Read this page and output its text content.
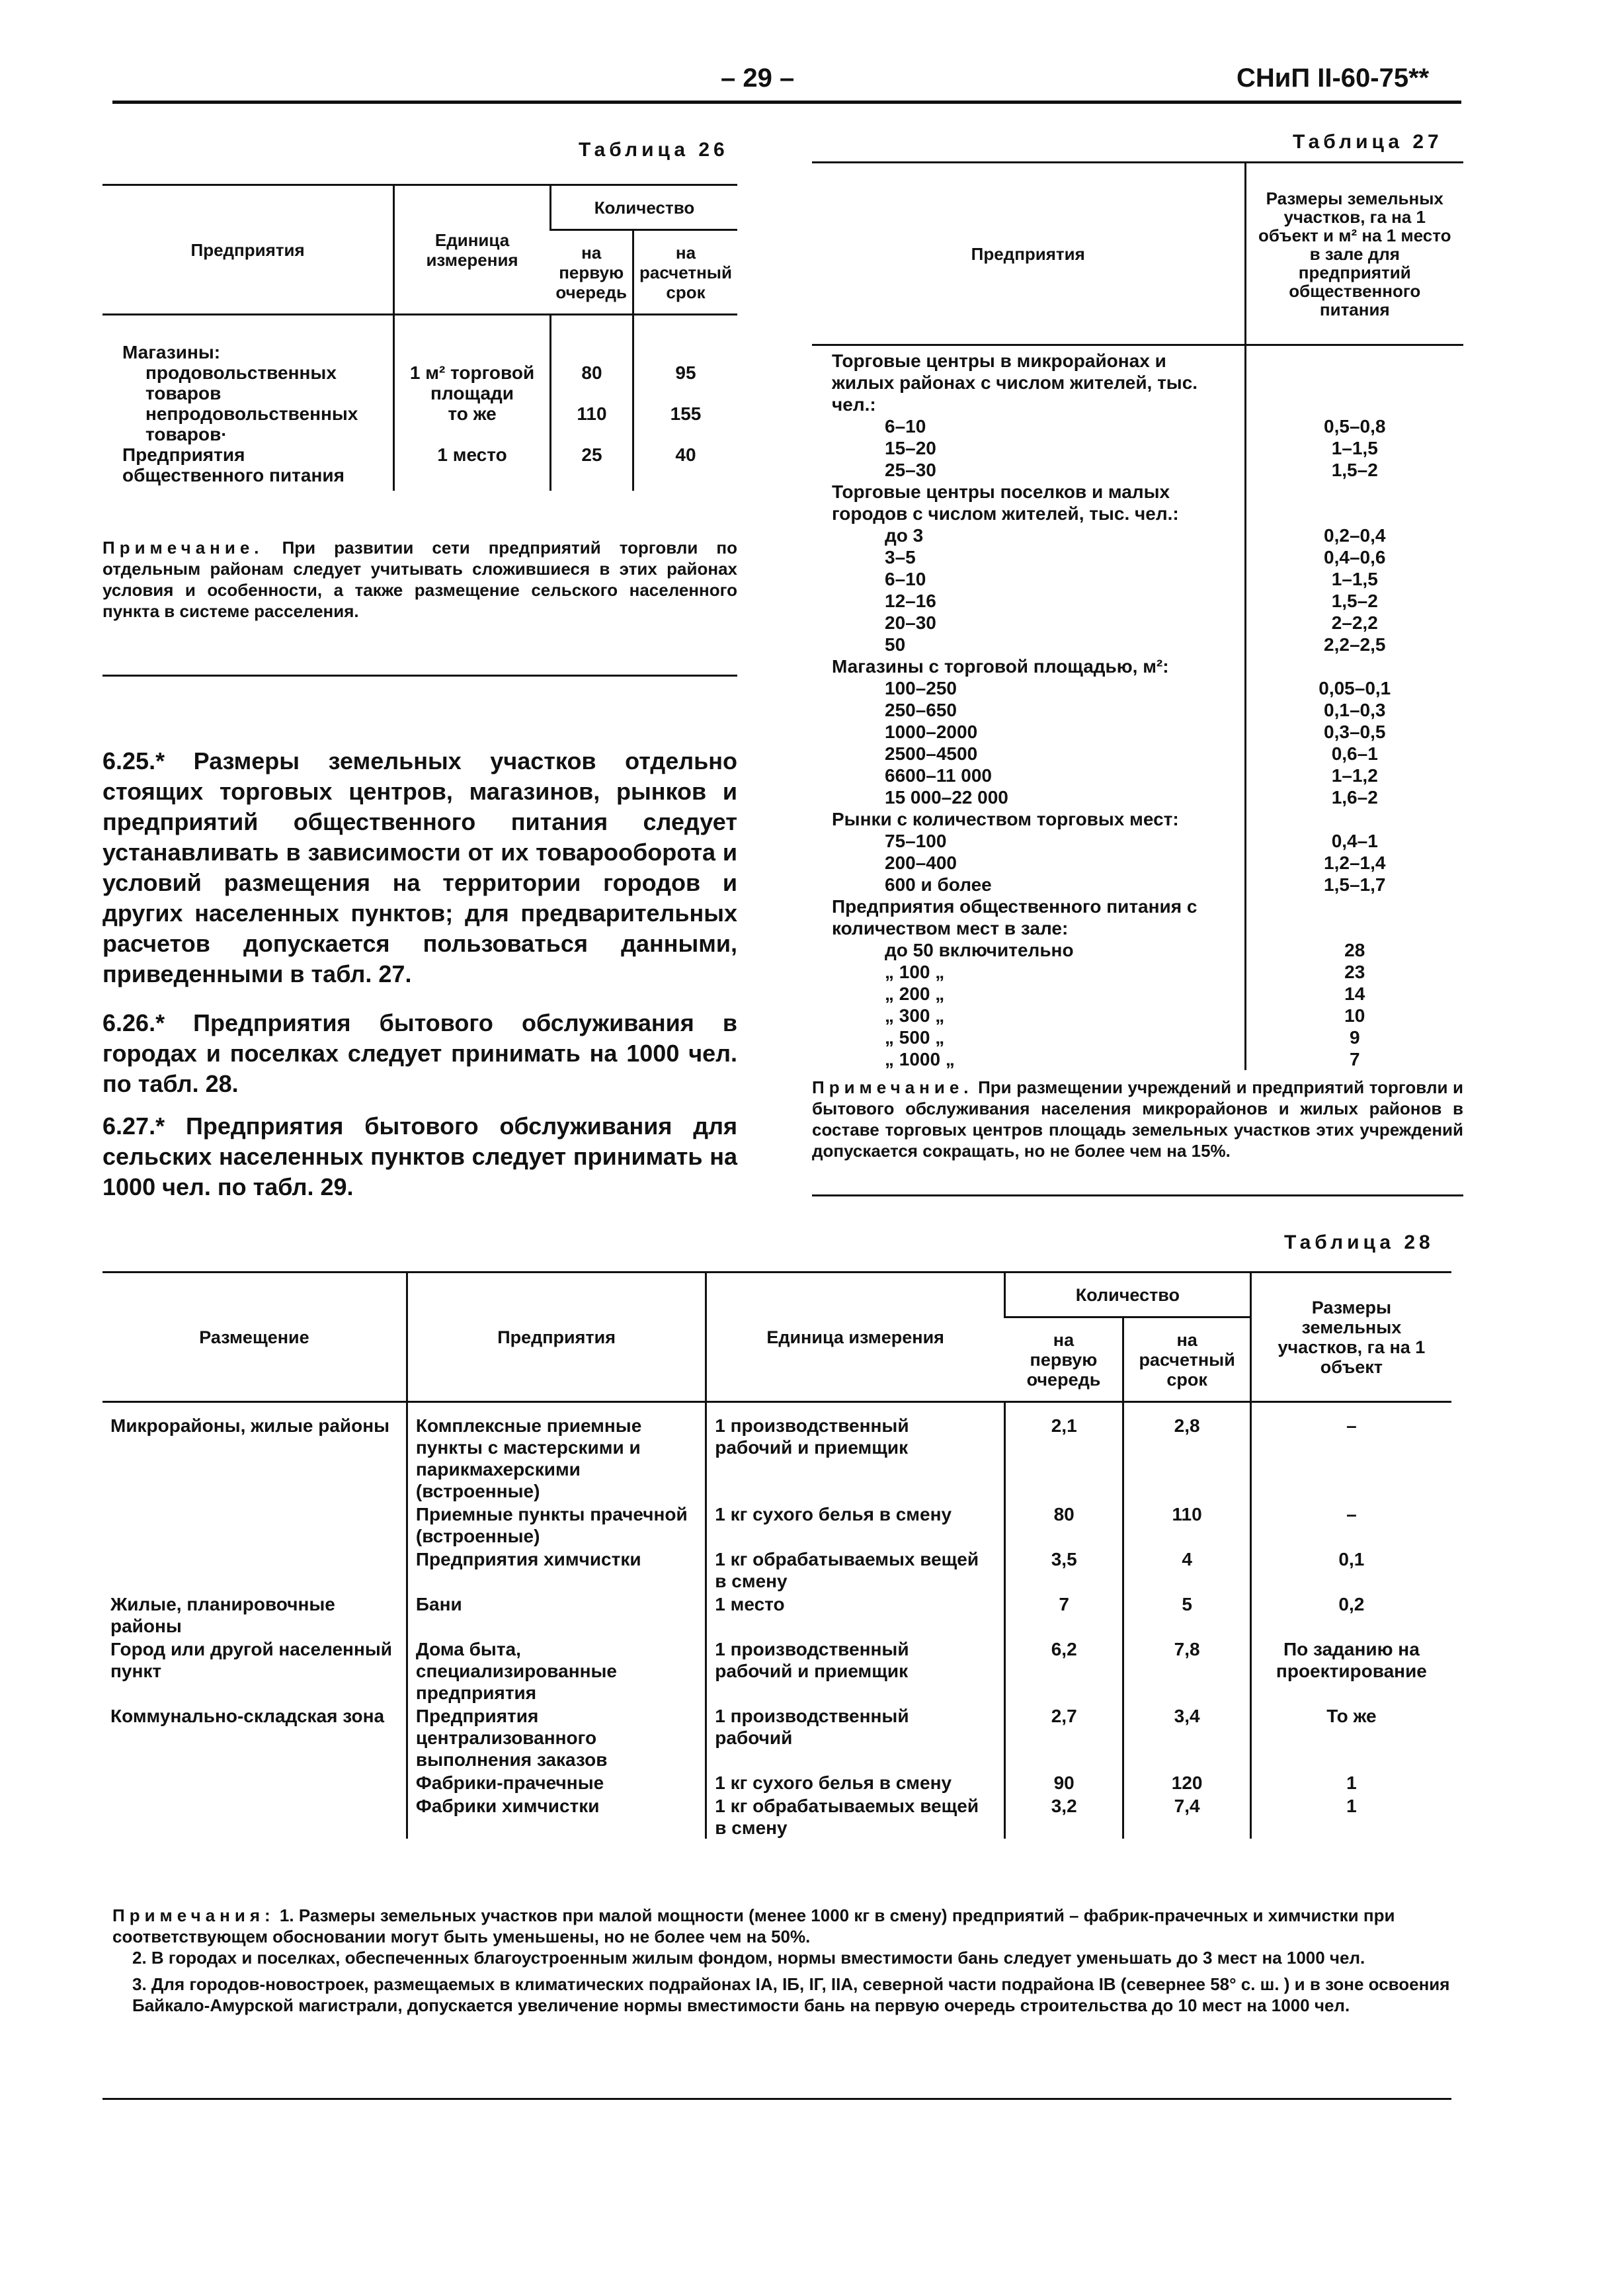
– 29 –	СНиП II-60-75**
Таблица 26
Предприятия	Единица измерения	Количество	
		на первую очередь	на расчетный срок
Магазины:			
продовольственных товаров	1 м² торговой площади	80	95
непродовольственных товаров·	то же	110	155
Предприятия общественного питания	1 место	25	40
Примечание. При развитии сети предприятий торговли по отдельным районам следует учитывать сложившиеся в этих районах условия и особенности, а также размещение сельского населенного пункта в системе расселения.
6.25.* Размеры земельных участков отдельно стоящих торговых центров, магазинов, рынков и предприятий общественного питания следует устанавливать в зависимости от их товарооборота и условий размещения на территории городов и других населенных пунктов; для предварительных расчетов допускается пользоваться данными, приведенными в табл. 27.
6.26.* Предприятия бытового обслуживания в городах и поселках следует принимать на 1000 чел. по табл. 28.
6.27.* Предприятия бытового обслуживания для сельских населенных пунктов следует принимать на 1000 чел. по табл. 29.
Таблица 27
Предприятия	Размеры земельных участков, га на 1 объект и м² на 1 место в зале для предприятий общественного питания
Торговые центры в микрорайонах и жилых районах с числом жителей, тыс. чел.:	
6–10	0,5–0,8
15–20	1–1,5
25–30	1,5–2
Торговые центры поселков и малых городов с числом жителей, тыс. чел.:	
до 3	0,2–0,4
3–5	0,4–0,6
6–10	1–1,5
12–16	1,5–2
20–30	2–2,2
50	2,2–2,5
Магазины с торговой площадью, м²:	
100–250	0,05–0,1
250–650	0,1–0,3
1000–2000	0,3–0,5
2500–4500	0,6–1
6600–11 000	1–1,2
15 000–22 000	1,6–2
Рынки с количеством торговых мест:	
75–100	0,4–1
200–400	1,2–1,4
600 и более	1,5–1,7
Предприятия общественного питания с количеством мест в зале:	
до 50 включительно	28
„ 100 „	23
„ 200 „	14
„ 300 „	10
„ 500 „	9
„ 1000 „	7
Примечание. При размещении учреждений и предприятий торговли и бытового обслуживания населения микрорайонов и жилых районов в составе торговых центров площадь земельных участков этих учреждений допускается сокращать, но не более чем на 15%.
Таблица 28
Размещение	Предприятия	Единица измерения	Количество		Размеры земельных участков, га на 1 объект
			на первую очередь	на расчетный срок	
Микрорайоны, жилые районы	Комплексные приемные пункты с мастерскими и парикмахерскими (встроенные)	1 производственный рабочий и приемщик	2,1	2,8	–
	Приемные пункты прачечной (встроенные)	1 кг сухого белья в смену	80	110	–
	Предприятия химчистки	1 кг обрабатываемых вещей в смену	3,5	4	0,1
Жилые, планировочные районы	Бани	1 место	7	5	0,2
Город или другой населенный пункт	Дома быта, специализированные предприятия	1 производственный рабочий и приемщик	6,2	7,8	По заданию на проектирование
Коммунально-складская зона	Предприятия централизованного выполнения заказов	1 производственный рабочий	2,7	3,4	То же
	Фабрики-прачечные	1 кг сухого белья в смену	90	120	1
	Фабрики химчистки	1 кг обрабатываемых вещей в смену	3,2	7,4	1

Примечания: 1. Размеры земельных участков при малой мощности (менее 1000 кг в смену) предприятий – фабрик-прачечных и химчистки при соответствующем обосновании могут быть уменьшены, но не более чем на 50%.

2. В городах и поселках, обеспеченных благоустроенным жилым фондом, нормы вместимости бань следует уменьшать до 3 мест на 1000 чел.

3. Для городов-новостроек, размещаемых в климатических подрайонах IА, IБ, IГ, IIА, северной части подрайона IВ (севернее 58° с. ш. ) и в зоне освоения Байкало-Амурской магистрали, допускается увеличение нормы вместимости бань на первую очередь строительства до 10 мест на 1000 чел.
